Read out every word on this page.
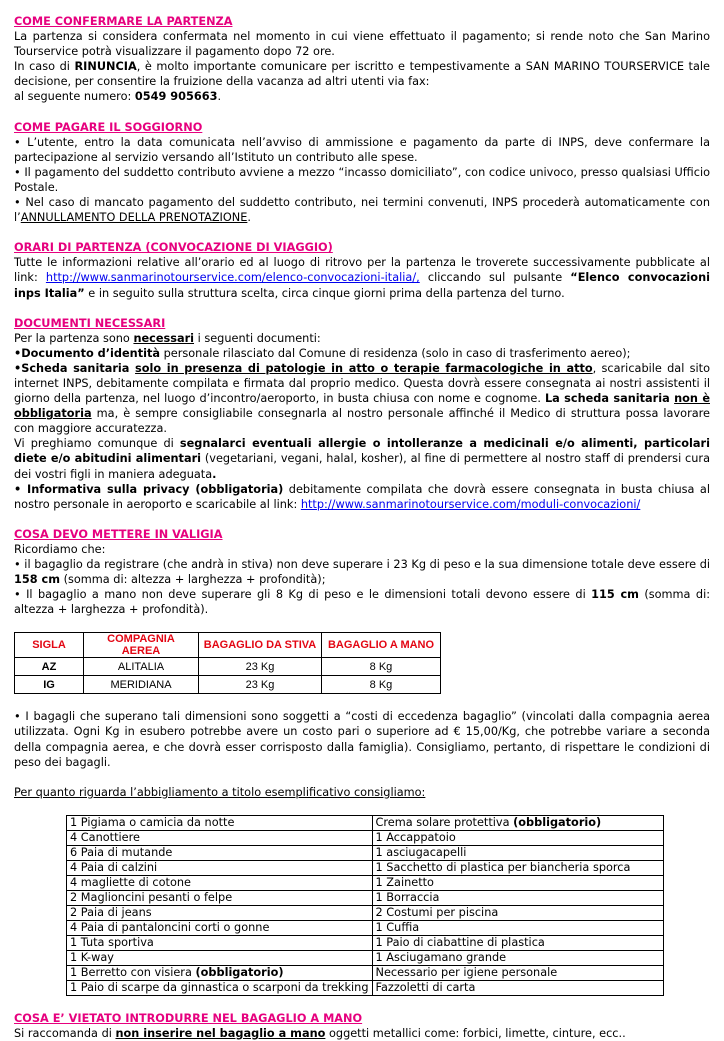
COME CONFERMARE LA PARTENZA

La partenza si considera confermata nel momento in cui viene effettuato il pagamento; si rende noto che San Marino Tourservice potrà visualizzare il pagamento dopo 72 ore.

In caso di RINUNCIA, è molto importante comunicare per iscritto e tempestivamente a SAN MARINO TOURSERVICE tale decisione, per consentire la fruizione della vacanza ad altri utenti via fax:

al seguente numero: 0549 905663.

COME PAGARE IL SOGGIORNO

• L’utente, entro la data comunicata nell’avviso di ammissione e pagamento da parte di INPS, deve confermare la partecipazione al servizio versando all’Istituto un contributo alle spese.

• Il pagamento del suddetto contributo avviene a mezzo “incasso domiciliato”, con codice univoco, presso qualsiasi Ufficio Postale.

• Nel caso di mancato pagamento del suddetto contributo, nei termini convenuti, INPS procederà automaticamente con l’ANNULLAMENTO DELLA PRENOTAZIONE.

ORARI DI PARTENZA (CONVOCAZIONE DI VIAGGIO)

Tutte le informazioni relative all’orario ed al luogo di ritrovo per la partenza le troverete successivamente pubblicate al link: http://www.sanmarinotourservice.com/elenco-convocazioni-italia/, cliccando sul pulsante “Elenco convocazioni inps Italia” e in seguito sulla struttura scelta, circa cinque giorni prima della partenza del turno.

DOCUMENTI NECESSARI

Per la partenza sono necessari i seguenti documenti:

•Documento d’identità personale rilasciato dal Comune di residenza (solo in caso di trasferimento aereo);

•Scheda sanitaria solo in presenza di patologie in atto o terapie farmacologiche in atto, scaricabile dal sito internet INPS, debitamente compilata e firmata dal proprio medico. Questa dovrà essere consegnata ai nostri assistenti il giorno della partenza, nel luogo d’incontro/aeroporto, in busta chiusa con nome e cognome. La scheda sanitaria non è obbligatoria ma, è sempre consigliabile consegnarla al nostro personale affinché il Medico di struttura possa lavorare con maggiore accuratezza.

Vi preghiamo comunque di segnalarci eventuali allergie o intolleranze a medicinali e/o alimenti, particolari diete e/o abitudini alimentari (vegetariani, vegani, halal, kosher), al fine di permettere al nostro staff di prendersi cura dei vostri figli in maniera adeguata.

• Informativa sulla privacy (obbligatoria) debitamente compilata che dovrà essere consegnata in busta chiusa al nostro personale in aeroporto e scaricabile al link: http://www.sanmarinotourservice.com/moduli-convocazioni/

COSA DEVO METTERE IN VALIGIA

Ricordiamo che:

• il bagaglio da registrare (che andrà in stiva) non deve superare i 23 Kg di peso e la sua dimensione totale deve essere di 158 cm (somma di: altezza + larghezza + profondità);

• Il bagaglio a mano non deve superare gli 8 Kg di peso e le dimensioni totali devono essere di 115 cm (somma di: altezza + larghezza + profondità).

SIGLA	COMPAGNIA AEREA	BAGAGLIO DA STIVA	BAGAGLIO A MANO
AZ	ALITALIA	23 Kg	8 Kg
IG	MERIDIANA	23 Kg	8 Kg

• I bagagli che superano tali dimensioni sono soggetti a “costi di eccedenza bagaglio” (vincolati dalla compagnia aerea utilizzata. Ogni Kg in esubero potrebbe avere un costo pari o superiore ad € 15,00/Kg, che potrebbe variare a seconda della compagnia aerea, e che dovrà esser corrisposto dalla famiglia). Consigliamo, pertanto, di rispettare le condizioni di peso dei bagagli.

Per quanto riguarda l’abbigliamento a titolo esemplificativo consigliamo:

1 Pigiama o camicia da notte	Crema solare protettiva (obbligatorio)
4 Canottiere	1 Accappatoio
6 Paia di mutande	1 asciugacapelli
4 Paia di calzini	1 Sacchetto di plastica per biancheria sporca
4 magliette di cotone	1 Zainetto
2 Maglioncini pesanti o felpe	1 Borraccia
2 Paia di jeans	2 Costumi per piscina
4 Paia di pantaloncini corti o gonne	1 Cuffia
1 Tuta sportiva	1 Paio di ciabattine di plastica
1 K-way	1 Asciugamano grande
1 Berretto con visiera (obbligatorio)	Necessario per igiene personale
1 Paio di scarpe da ginnastica o scarponi da trekking	Fazzoletti di carta
COSA E’ VIETATO INTRODURRE NEL BAGAGLIO A MANO

Si raccomanda di non inserire nel bagaglio a mano oggetti metallici come: forbici, limette, cinture, ecc..
